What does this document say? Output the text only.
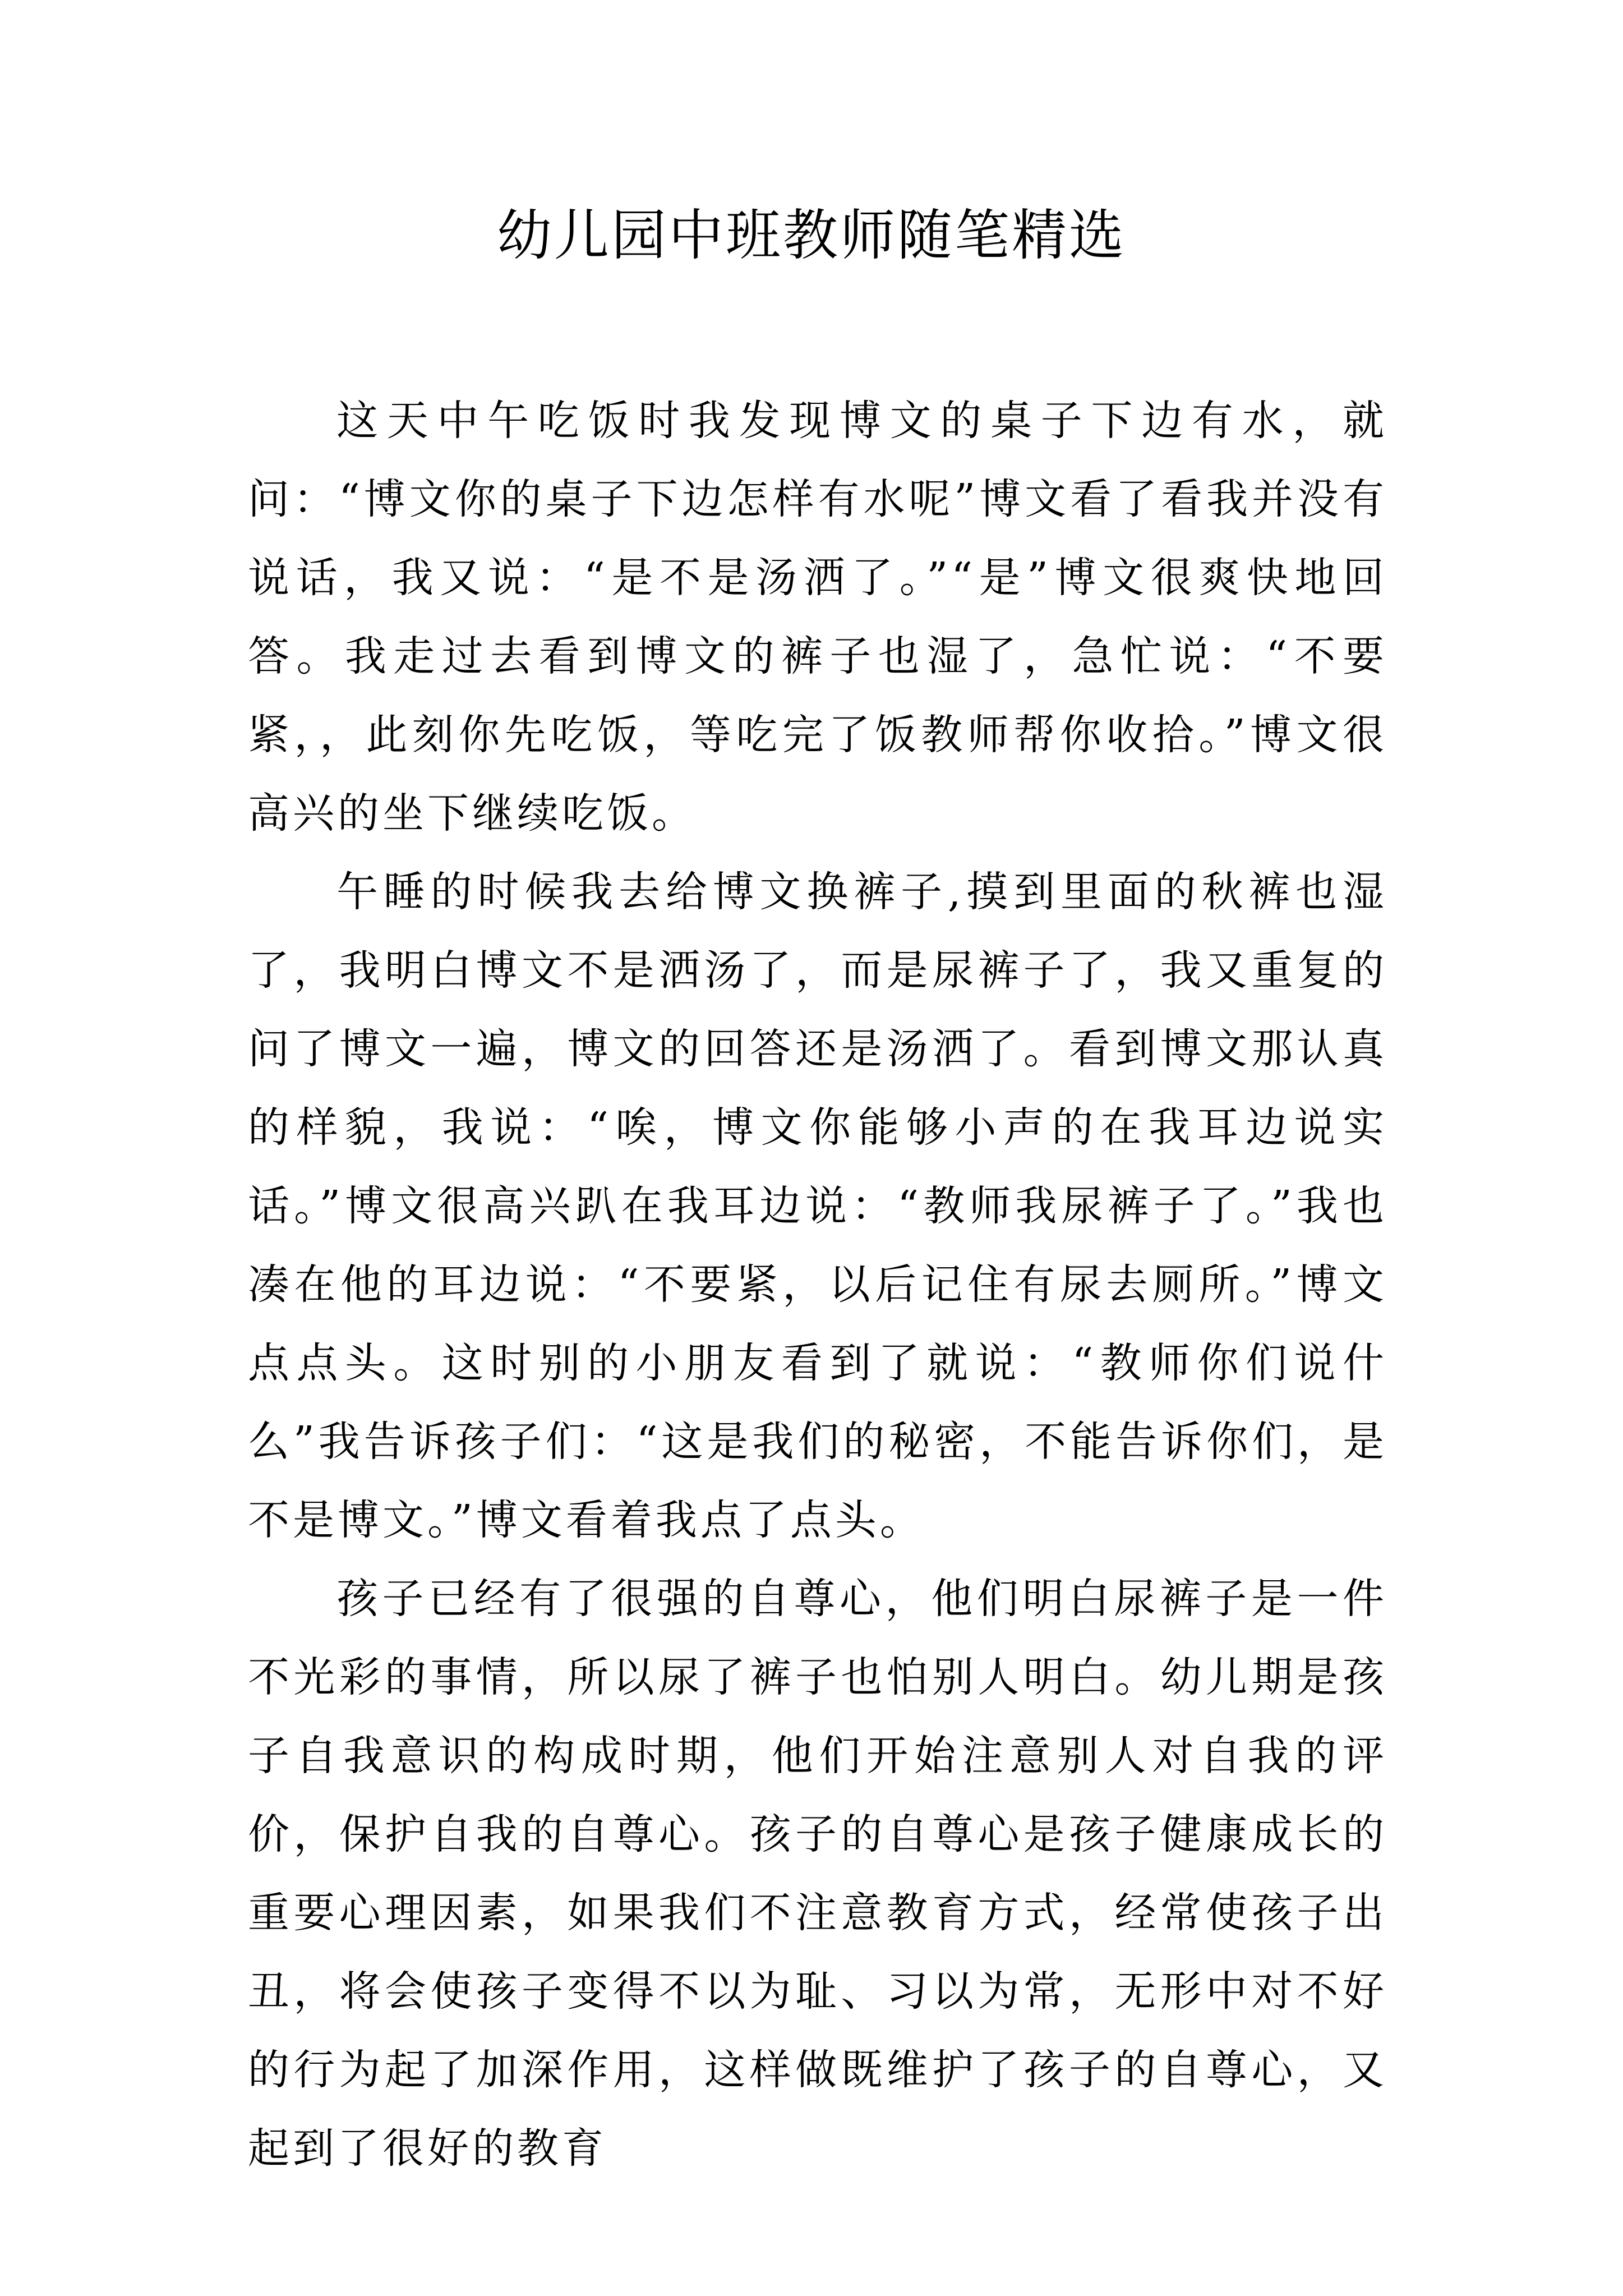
幼儿园中班教师随笔精选

这天中午吃饭时我发现博文的桌子下边有水，就问：“博文你的桌子下边怎样有水呢”博文看了看我并没有说话，我又说：“是不是汤洒了。”“是”博文很爽快地回答。我走过去看到博文的裤子也湿了，急忙说：“不要紧，，此刻你先吃饭，等吃完了饭教师帮你收拾。”博文很高兴的坐下继续吃饭。

午睡的时候我去给博文换裤子,摸到里面的秋裤也湿了，我明白博文不是洒汤了，而是尿裤子了，我又重复的问了博文一遍，博文的回答还是汤洒了。看到博文那认真的样貌，我说：“唉，博文你能够小声的在我耳边说实话。”博文很高兴趴在我耳边说：“教师我尿裤子了。”我也凑在他的耳边说：“不要紧，以后记住有尿去厕所。”博文点点头。这时别的小朋友看到了就说：“教师你们说什么”我告诉孩子们：“这是我们的秘密，不能告诉你们，是不是博文。”博文看着我点了点头。

孩子已经有了很强的自尊心，他们明白尿裤子是一件不光彩的事情，所以尿了裤子也怕别人明白。幼儿期是孩子自我意识的构成时期，他们开始注意别人对自我的评价，保护自我的自尊心。孩子的自尊心是孩子健康成长的重要心理因素，如果我们不注意教育方式，经常使孩子出丑，将会使孩子变得不以为耻、习以为常，无形中对不好的行为起了加深作用，这样做既维护了孩子的自尊心，又起到了很好的教育
